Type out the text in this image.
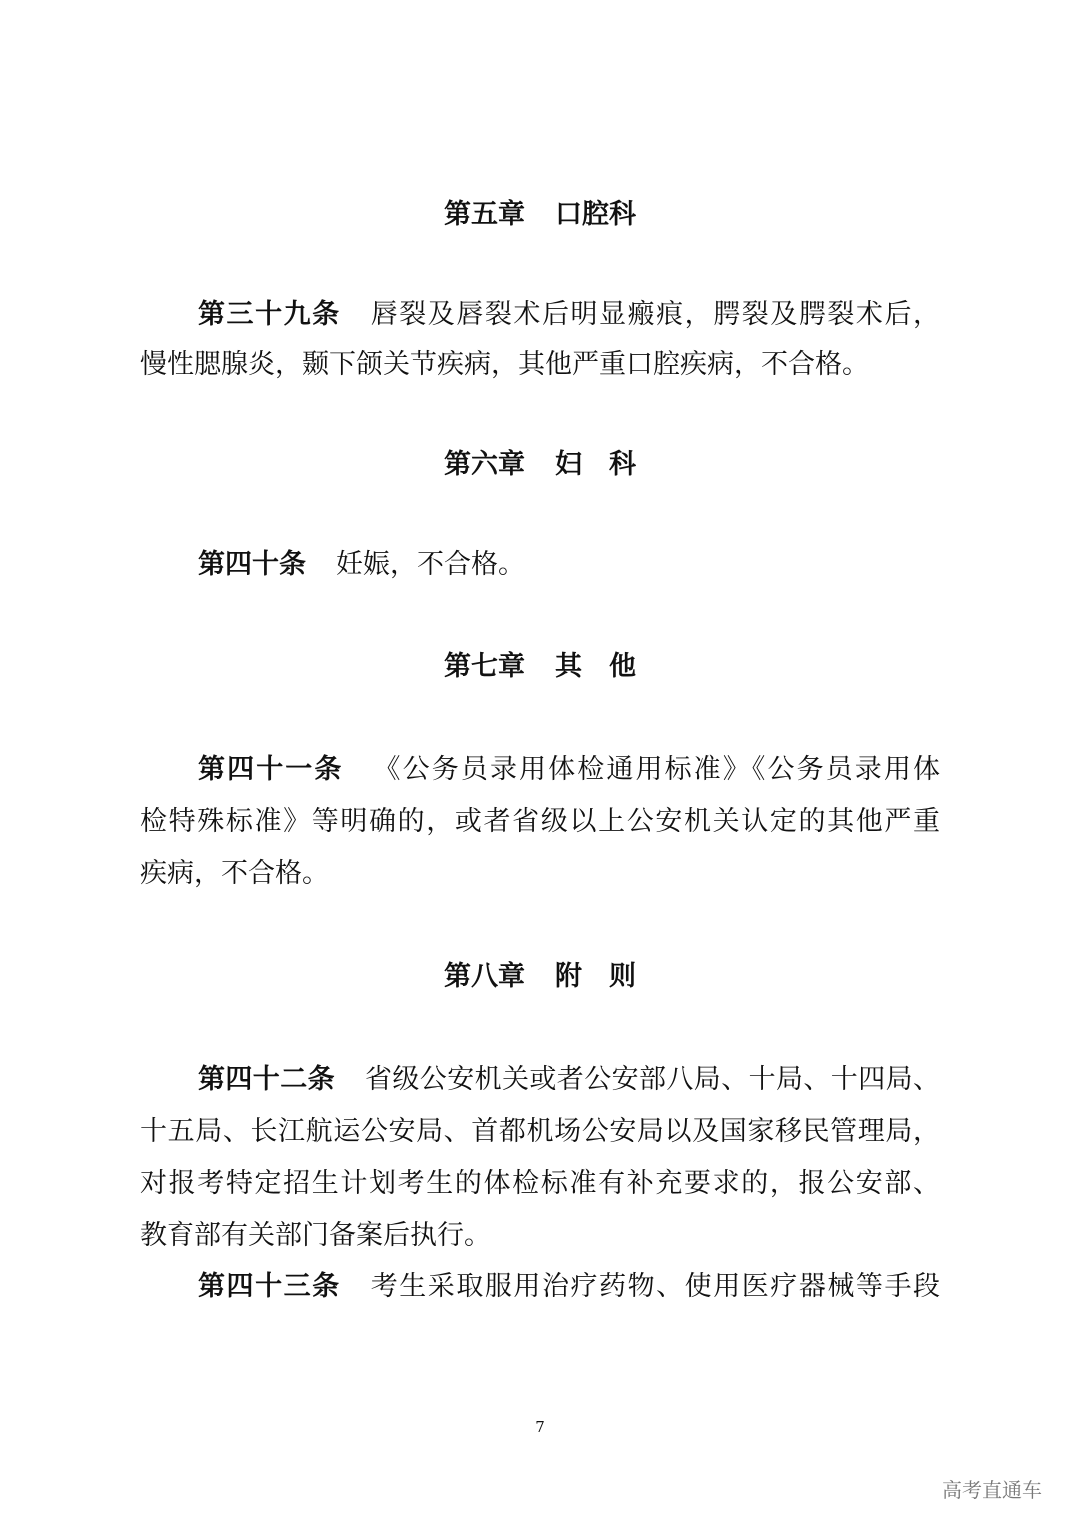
第五章 口腔科
第三十九条 唇裂及唇裂术后明显瘢痕，腭裂及腭裂术后，
慢性腮腺炎，颞下颌关节疾病，其他严重口腔疾病，不合格。
第六章 妇　科
第四十条 妊娠，不合格。
第七章 其　他
第四十一条 《公务员录用体检通用标准》《公务员录用体
检特殊标准》等明确的，或者省级以上公安机关认定的其他严重
疾病，不合格。
第八章 附　则
第四十二条 省级公安机关或者公安部八局、十局、十四局、
十五局、长江航运公安局、首都机场公安局以及国家移民管理局，
对报考特定招生计划考生的体检标准有补充要求的，报公安部、
教育部有关部门备案后执行。
第四十三条 考生采取服用治疗药物、使用医疗器械等手段
7
高考直通车
